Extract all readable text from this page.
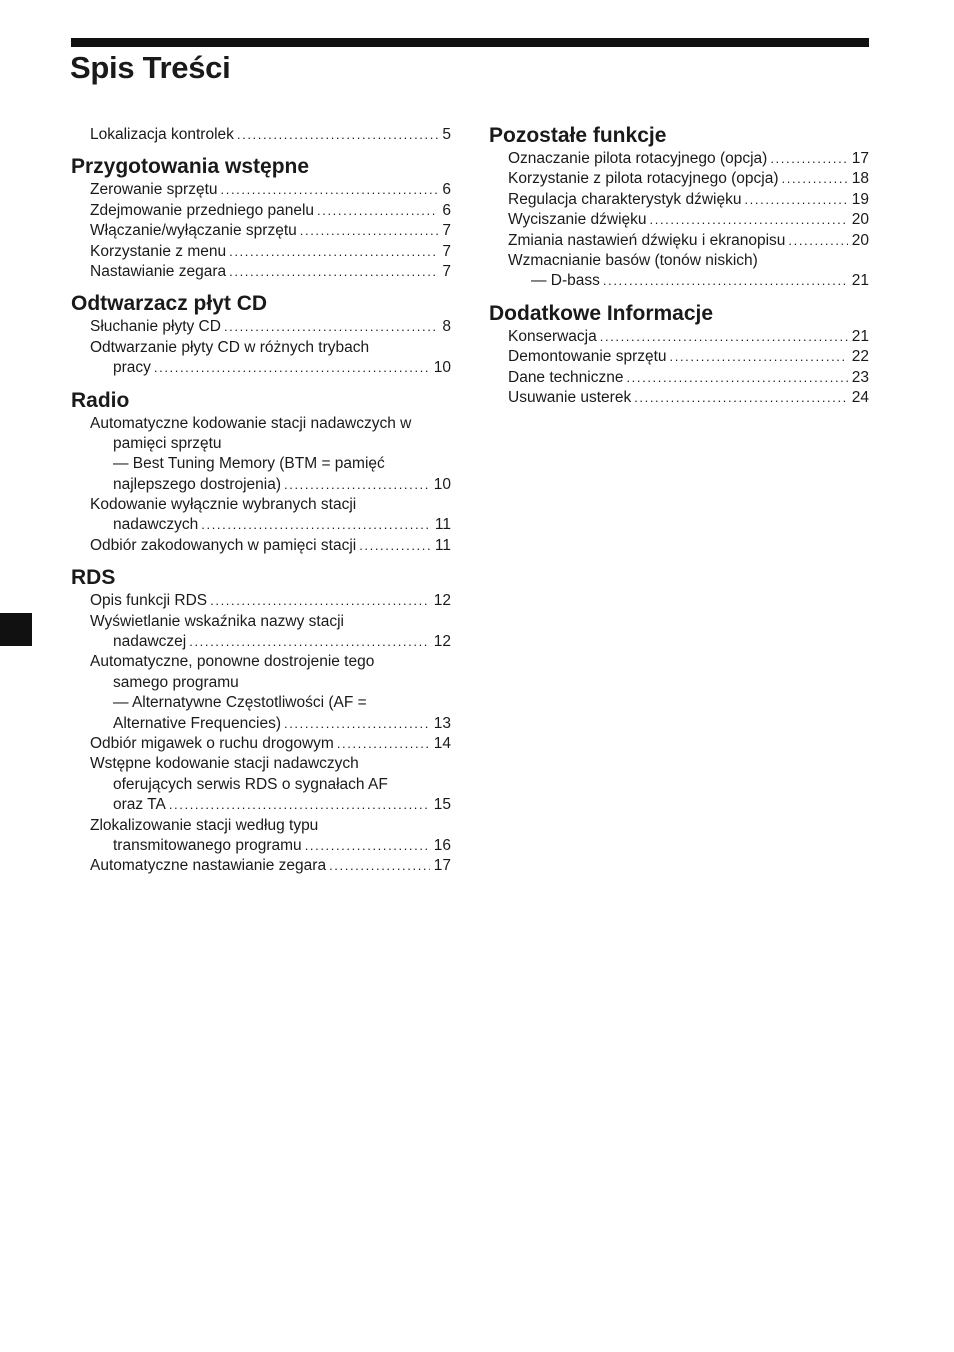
Spis Treści
Lokalizacja kontrolek .....	5
Przygotowania wstępne
Zerowanie sprzętu .....	6
Zdejmowanie przedniego panelu .....	6
Włączanie/wyłączanie sprzętu .....	7
Korzystanie z menu .....	7
Nastawianie zegara .....	7
Odtwarzacz płyt CD
Słuchanie płyty CD .....	8
Odtwarzanie płyty CD w różnych trybach
pracy .....	10
Radio
Automatyczne kodowanie stacji nadawczych w
pamięci sprzętu
— Best Tuning Memory (BTM = pamięć
najlepszego dostrojenia) .....	10
Kodowanie wyłącznie wybranych stacji
nadawczych .....	11
Odbiór zakodowanych w pamięci stacji .....	11
RDS
Opis funkcji RDS .....	12
Wyświetlanie wskaźnika nazwy stacji
nadawczej .....	12
Automatyczne, ponowne dostrojenie tego
samego programu
— Alternatywne Częstotliwości (AF =
Alternative Frequencies) .....	13
Odbiór migawek o ruchu drogowym .....	14
Wstępne kodowanie stacji nadawczych
oferujących serwis RDS o sygnałach AF
oraz TA .....	15
Zlokalizowanie stacji według typu
transmitowanego programu .....	16
Automatyczne nastawianie zegara .....	17
Pozostałe funkcje
Oznaczanie pilota rotacyjnego (opcja) .....	17
Korzystanie z pilota rotacyjnego (opcja) .....	18
Regulacja charakterystyk dźwięku .....	19
Wyciszanie dźwięku .....	20
Zmiania nastawień dźwięku i ekranopisu .....	20
Wzmacnianie basów (tonów niskich)
— D-bass .....	21
Dodatkowe Informacje
Konserwacja .....	21
Demontowanie sprzętu .....	22
Dane techniczne .....	23
Usuwanie usterek .....	24
